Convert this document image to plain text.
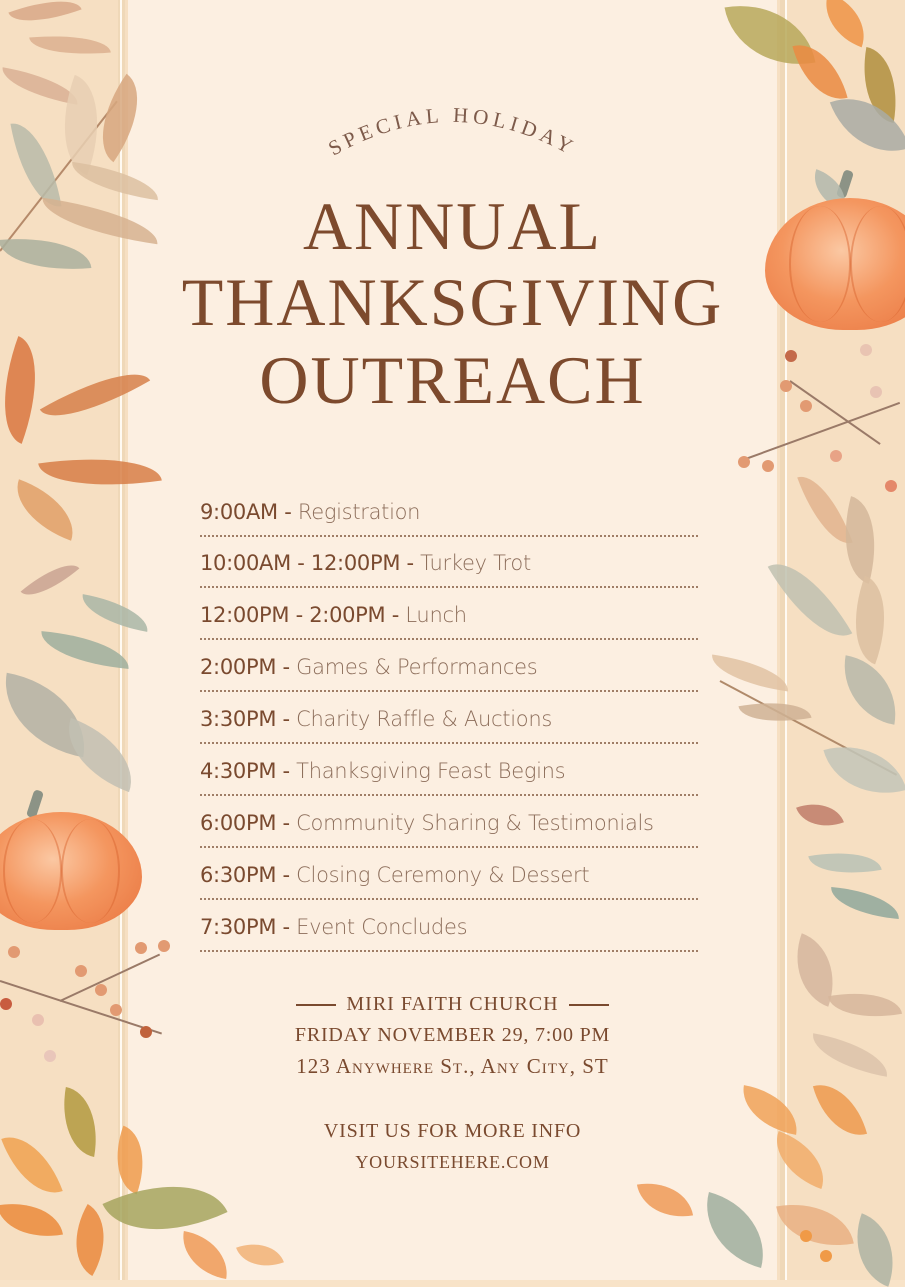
SPECIAL HOLIDAY
ANNUAL
THANKSGIVING
OUTREACH
9:00AM - Registration
10:00AM - 12:00PM - Turkey Trot
12:00PM - 2:00PM - Lunch
2:00PM - Games & Performances
3:30PM - Charity Raffle & Auctions
4:30PM - Thanksgiving Feast Begins
6:00PM - Community Sharing & Testimonials
6:30PM - Closing Ceremony & Dessert
7:30PM - Event Concludes
MIRI FAITH CHURCH
FRIDAY NOVEMBER 29, 7:00 PM
123 Anywhere St., Any City, ST
VISIT US FOR MORE INFO
YOURSITEHERE.COM
